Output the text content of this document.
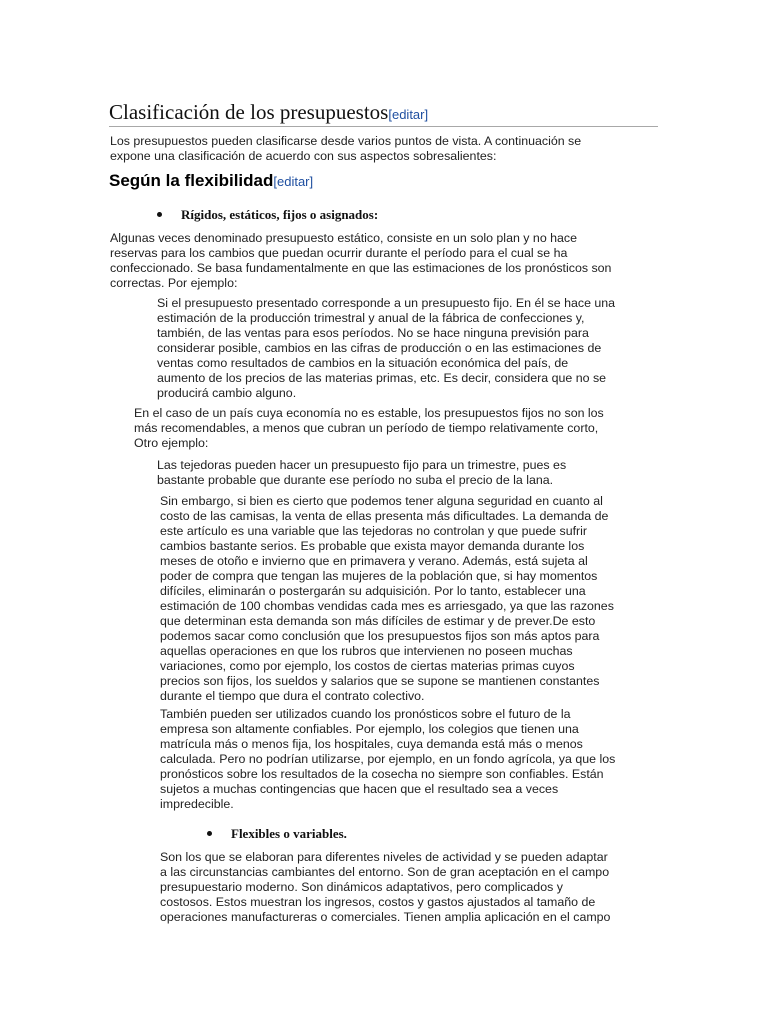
Clasificación de los presupuestos[editar]

Los presupuestos pueden clasificarse desde varios puntos de vista. A continuación se

expone una clasificación de acuerdo con sus aspectos sobresalientes:

Según la flexibilidad[editar]
Rígidos, estáticos, fijos o asignados:

Algunas veces denominado presupuesto estático, consiste en un solo plan y no hace

reservas para los cambios que puedan ocurrir durante el período para el cual se ha

confeccionado. Se basa fundamentalmente en que las estimaciones de los pronósticos son

correctas. Por ejemplo:

Si el presupuesto presentado corresponde a un presupuesto fijo. En él se hace una

estimación de la producción trimestral y anual de la fábrica de confecciones y,

también, de las ventas para esos períodos. No se hace ninguna previsión para

considerar posible, cambios en las cifras de producción o en las estimaciones de

ventas como resultados de cambios en la situación económica del país, de

aumento de los precios de las materias primas, etc. Es decir, considera que no se

producirá cambio alguno.

En el caso de un país cuya economía no es estable, los presupuestos fijos no son los

más recomendables, a menos que cubran un período de tiempo relativamente corto,

Otro ejemplo:

Las tejedoras pueden hacer un presupuesto fijo para un trimestre, pues es

bastante probable que durante ese período no suba el precio de la lana.

Sin embargo, si bien es cierto que podemos tener alguna seguridad en cuanto al

costo de las camisas, la venta de ellas presenta más dificultades. La demanda de

este artículo es una variable que las tejedoras no controlan y que puede sufrir

cambios bastante serios. Es probable que exista mayor demanda durante los

meses de otoño e invierno que en primavera y verano. Además, está sujeta al

poder de compra que tengan las mujeres de la población que, si hay momentos

difíciles, eliminarán o postergarán su adquisición. Por lo tanto, establecer una

estimación de 100 chombas vendidas cada mes es arriesgado, ya que las razones

que determinan esta demanda son más difíciles de estimar y de prever.De esto

podemos sacar como conclusión que los presupuestos fijos son más aptos para

aquellas operaciones en que los rubros que intervienen no poseen muchas

variaciones, como por ejemplo, los costos de ciertas materias primas cuyos

precios son fijos, los sueldos y salarios que se supone se mantienen constantes

durante el tiempo que dura el contrato colectivo.

También pueden ser utilizados cuando los pronósticos sobre el futuro de la

empresa son altamente confiables. Por ejemplo, los colegios que tienen una

matrícula más o menos fija, los hospitales, cuya demanda está más o menos

calculada. Pero no podrían utilizarse, por ejemplo, en un fondo agrícola, ya que los

pronósticos sobre los resultados de la cosecha no siempre son confiables. Están

sujetos a muchas contingencias que hacen que el resultado sea a veces

impredecible.

Flexibles o variables.

Son los que se elaboran para diferentes niveles de actividad y se pueden adaptar

a las circunstancias cambiantes del entorno. Son de gran aceptación en el campo

presupuestario moderno. Son dinámicos adaptativos, pero complicados y

costosos. Estos muestran los ingresos, costos y gastos ajustados al tamaño de

operaciones manufactureras o comerciales. Tienen amplia aplicación en el campo
